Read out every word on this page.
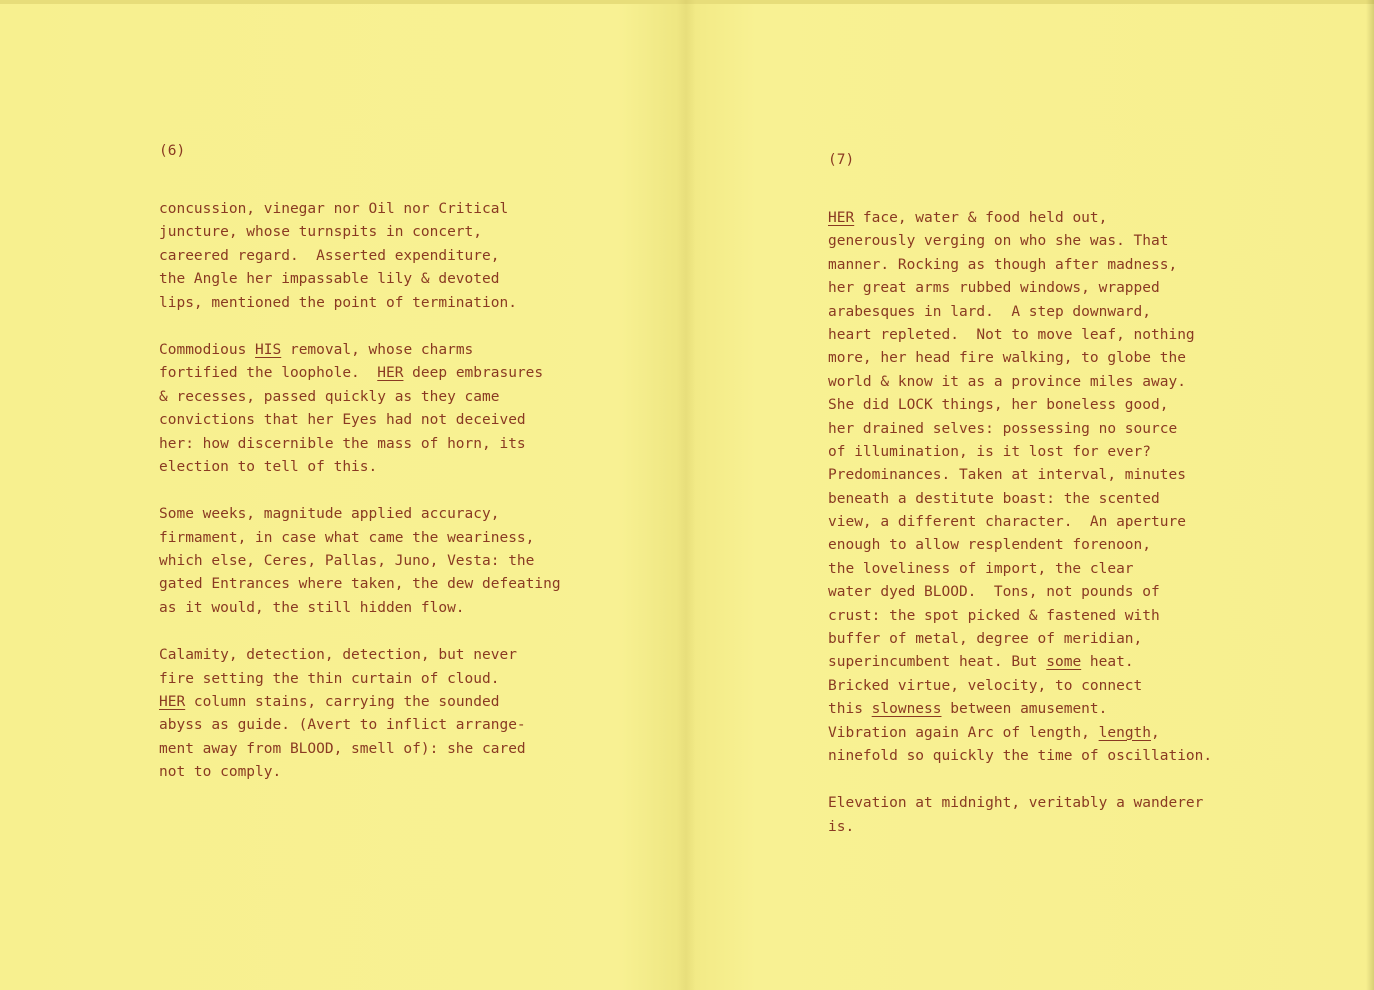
(6)

concussion, vinegar nor Oil nor Critical
juncture, whose turnspits in concert,
careered regard.  Asserted expenditure,
the Angle her impassable lily & devoted
lips, mentioned the point of termination.
Commodious HIS removal, whose charms
fortified the loophole.  HER deep embrasures
& recesses, passed quickly as they came
convictions that her Eyes had not deceived
her: how discernible the mass of horn, its
election to tell of this.
Some weeks, magnitude applied accuracy,
firmament, in case what came the weariness,
which else, Ceres, Pallas, Juno, Vesta: the
gated Entrances where taken, the dew defeating
as it would, the still hidden flow.
Calamity, detection, detection, but never
fire setting the thin curtain of cloud.
HER column stains, carrying the sounded
abyss as guide. (Avert to inflict arrange-
ment away from BLOOD, smell of): she cared
not to comply.

(7)

HER face, water & food held out,
generously verging on who she was. That
manner. Rocking as though after madness,
her great arms rubbed windows, wrapped
arabesques in lard.  A step downward,
heart repleted.  Not to move leaf, nothing
more, her head fire walking, to globe the
world & know it as a province miles away.
She did LOCK things, her boneless good,
her drained selves: possessing no source
of illumination, is it lost for ever?
Predominances. Taken at interval, minutes
beneath a destitute boast: the scented
view, a different character.  An aperture
enough to allow resplendent forenoon,
the loveliness of import, the clear
water dyed BLOOD.  Tons, not pounds of
crust: the spot picked & fastened with
buffer of metal, degree of meridian,
superincumbent heat. But some heat.
Bricked virtue, velocity, to connect
this slowness between amusement.
Vibration again Arc of length, length,
ninefold so quickly the time of oscillation.
Elevation at midnight, veritably a wanderer
is.
